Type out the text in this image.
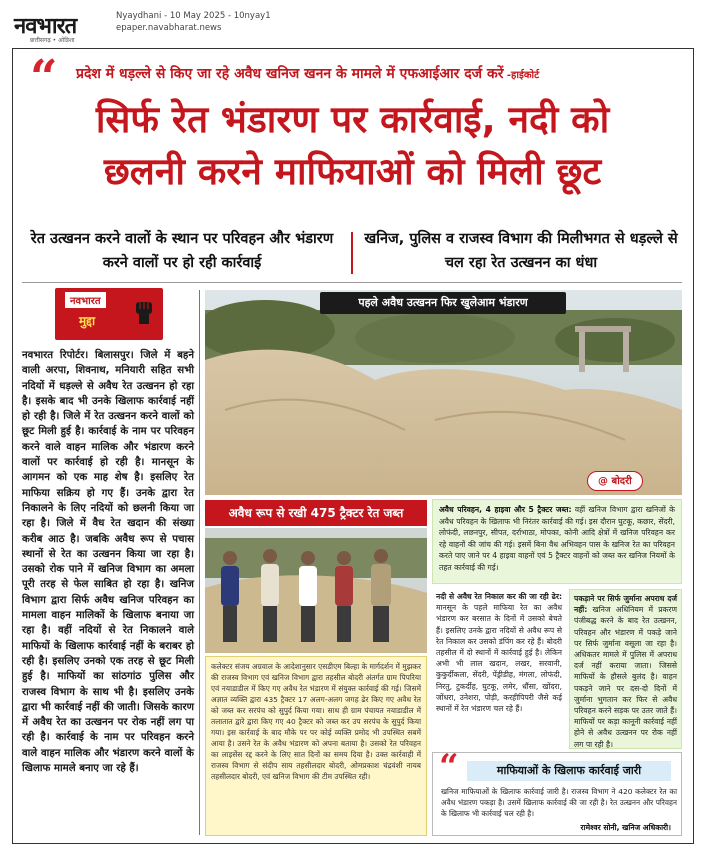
नवभारत
छत्तीसगढ़ • ओडिशा
Nyaydhani - 10 May 2025 - 10nyay1
epaper.navabharat.news
“ प्रदेश में धड़ल्ले से किए जा रहे अवैध खनिज खनन के मामले में एफआईआर दर्ज करें -हाईकोर्ट
सिर्फ रेत भंडारण पर कार्रवाई, नदी को
छलनी करने माफियाओं को मिली छूट
रेत उत्खनन करने वालों के स्थान पर परिवहन और भंडारण करने वालों पर हो रही कार्रवाई
खनिज, पुलिस व राजस्व विभाग की मिलीभगत से धड़ल्ले से चल रहा रेत उत्खनन का धंधा
नवभारत
मुद्दा
नवभारत रिपोर्टर। बिलासपुर। जिले में बहने वाली अरपा, शिवनाथ, मनियारी सहित सभी नदियों में धड़ल्ले से अवैध रेत उत्खनन हो रहा है। इसके बाद भी उनके खिलाफ कार्रवाई नहीं हो रही है। जिले में रेत उत्खनन करने वालों को छूट मिली हुई है। कार्रवाई के नाम पर परिवहन करने वाले वाहन मालिक और भंडारण करने वालों पर कार्रवाई हो रही है। मानसून के आगमन को एक माह शेष है। इसलिए रेत माफिया सक्रिय हो गए हैं। उनके द्वारा रेत निकालने के लिए नदियों को छलनी किया जा रहा है। जिले में वैध रेत खदान की संख्या करीब आठ है। जबकि अवैध रूप से पचास स्थानों से रेत का उत्खनन किया जा रहा है। उसको रोक पाने में खनिज विभाग का अमला पूरी तरह से फेल साबित हो रहा है। खनिज विभाग द्वारा सिर्फ अवैध खनिज परिवहन का मामला वाहन मालिकों के खिलाफ बनाया जा रहा है। वहीं नदियों से रेत निकालने वाले माफियों के खिलाफ कार्रवाई नहीं के बराबर हो रही है। इसलिए उनको एक तरह से छूट मिली हुई है। माफियों का सांठगांठ पुलिस और राजस्व विभाग के साथ भी है। इसलिए उनके द्वारा भी कार्रवाई नहीं की जाती। जिसके कारण में अवैध रेत का उत्खनन पर रोक नहीं लग पा रही है। कार्रवाई के नाम पर परिवहन करने वाले वाहन मालिक और भंडारण करने वालों के खिलाफ मामले बनाए जा रहे हैं।
पहले अवैध उत्खनन फिर खुलेआम भंडारण
@ बोदरी
अवैध रूप से रखी 475 ट्रैक्टर रेत जब्त
कलेक्टर संजय अग्रवाल के आदेशानुसार एसडीएम बिल्हा के मार्गदर्शन में मुझकर की राजस्व विभाग एवं खनिज विभाग द्वारा तहसील बोदरी अंतर्गत ग्राम पिपरिया एवं नयाडाडील में किए गए अवैध रेत भंडारण में संयुक्त कार्रवाई की गई। जिसमें अज्ञात व्यक्ति द्वारा 435 ट्रैक्टर 17 अलग-अलग जगह ढेर किए गए अवैध रेत को जब्त कर सरपंच को सुपुर्द किया गया। साथ ही ग्राम पंचायत नयाडाडील में तलातात द्वारे द्वारा किए गए 40 ट्रैक्टर को जब्त कर उप सरपंच के सुपुर्द किया गया। इस कार्रवाई के बाद मौके पर पर कोई व्यक्ति प्रमोद भी उपस्थित सबमें आया है। उसने रेत के अवैध भंडारण को अपना बताया है। उसको रेत परिवहन का लाइसेंस रद्द करने के लिए सात दिनों का समय दिया है। उक्त कार्रवाही में राजस्व विभाग से संदीप साय तहसीलदार बोदरी, ओमप्रकाश चंद्रवंशी नायब तहसीलदार बोदरी, एवं खनिज विभाग की टीम उपस्थित रही।
अवैध परिवहन, 4 हाइवा और 5 ट्रैक्टर जब्त: वहीं खनिज विभाग द्वारा खनिजों के अवैध परिवहन के खिलाफ भी निरंतर कार्रवाई की गई। इस दौरान घुटकू, कछार, सेंदरी, लोफंदी, लछनपुर, सीपत, दर्राभाठा, मोपका, कोनी आदि क्षेत्रों में खनिज परिवहन कर रहे वाहनों की जांच की गई। इसमें बिना वैध अभिवहन पास के खनिज रेत का परिवहन करते पाए जाने पर 4 हाइवा वाहनों एवं 5 ट्रैक्टर वाहनों को जब्त कर खनिज नियमों के तहत कार्रवाई की गई।
नदी से अवैध रेत निकाल कर की जा रही ढेर: मानसून के पहले माफिया रेत का अवैध भंडारण कर बरसात के दिनों में उसको बेचते हैं। इसलिए उनके द्वारा नदियों से अवैध रूप से रेत निकाल कर उसको डंपिंग कर रहे हैं। बोदरी तहसील में दो स्थानों में कार्रवाई हुई है। लेकिन अभी भी लाल खदान, लखर, सरवानी, कुकुर्दीकला, सेंदरी, पेंड्रीडीह, मंगला, लोफंदी, निरतु, टुकर्दीह, घुटकू, लमेर, धौंसा, खोंदरा, जोंधरा, उनेशरा, पोड़ी, करहीपिपरी जैसे कई स्थानों में रेत भंडारण चल रहे हैं।
पकड़ाने पर सिर्फ जुर्माना अपराध दर्ज नहीं: खनिज अधिनियम में प्रकरण पंजीबद्ध करने के बाद रेत उत्खनन, परिवहन और भंडारण में पकड़े जाने पर सिर्फ जुर्माना वसूला जा रहा है। अधिकतर मामले में पुलिस में अपराध दर्ज नहीं कराया जाता। जिससे माफियों के हौसले बुलंद है। वाहन पकड़ने जाने पर दस-दो दिनों में जुर्माना भुगतान कर फिर से अवैध परिवहन करने सड़क पर उतर जाते हैं। माफियों पर कड़ा कानूनी कार्रवाई नहीं होने से अवैध उत्खनन पर रोक नहीं लग पा रही है।
“	माफियाओं के खिलाफ कार्रवाई जारी
खनिज माफियाओं के खिलाफ कार्रवाई जारी है। राजस्व विभाग ने 420 कलेक्टर रेत का अवैध भंडारण पकड़ा है। उसमें खिलाफ कार्रवाई की जा रही है। रेत उत्खनन और परिवहन के खिलाफ भी कार्रवाई चल रही है।
रामेश्वर सोनी, खनिज अधिकारी।
